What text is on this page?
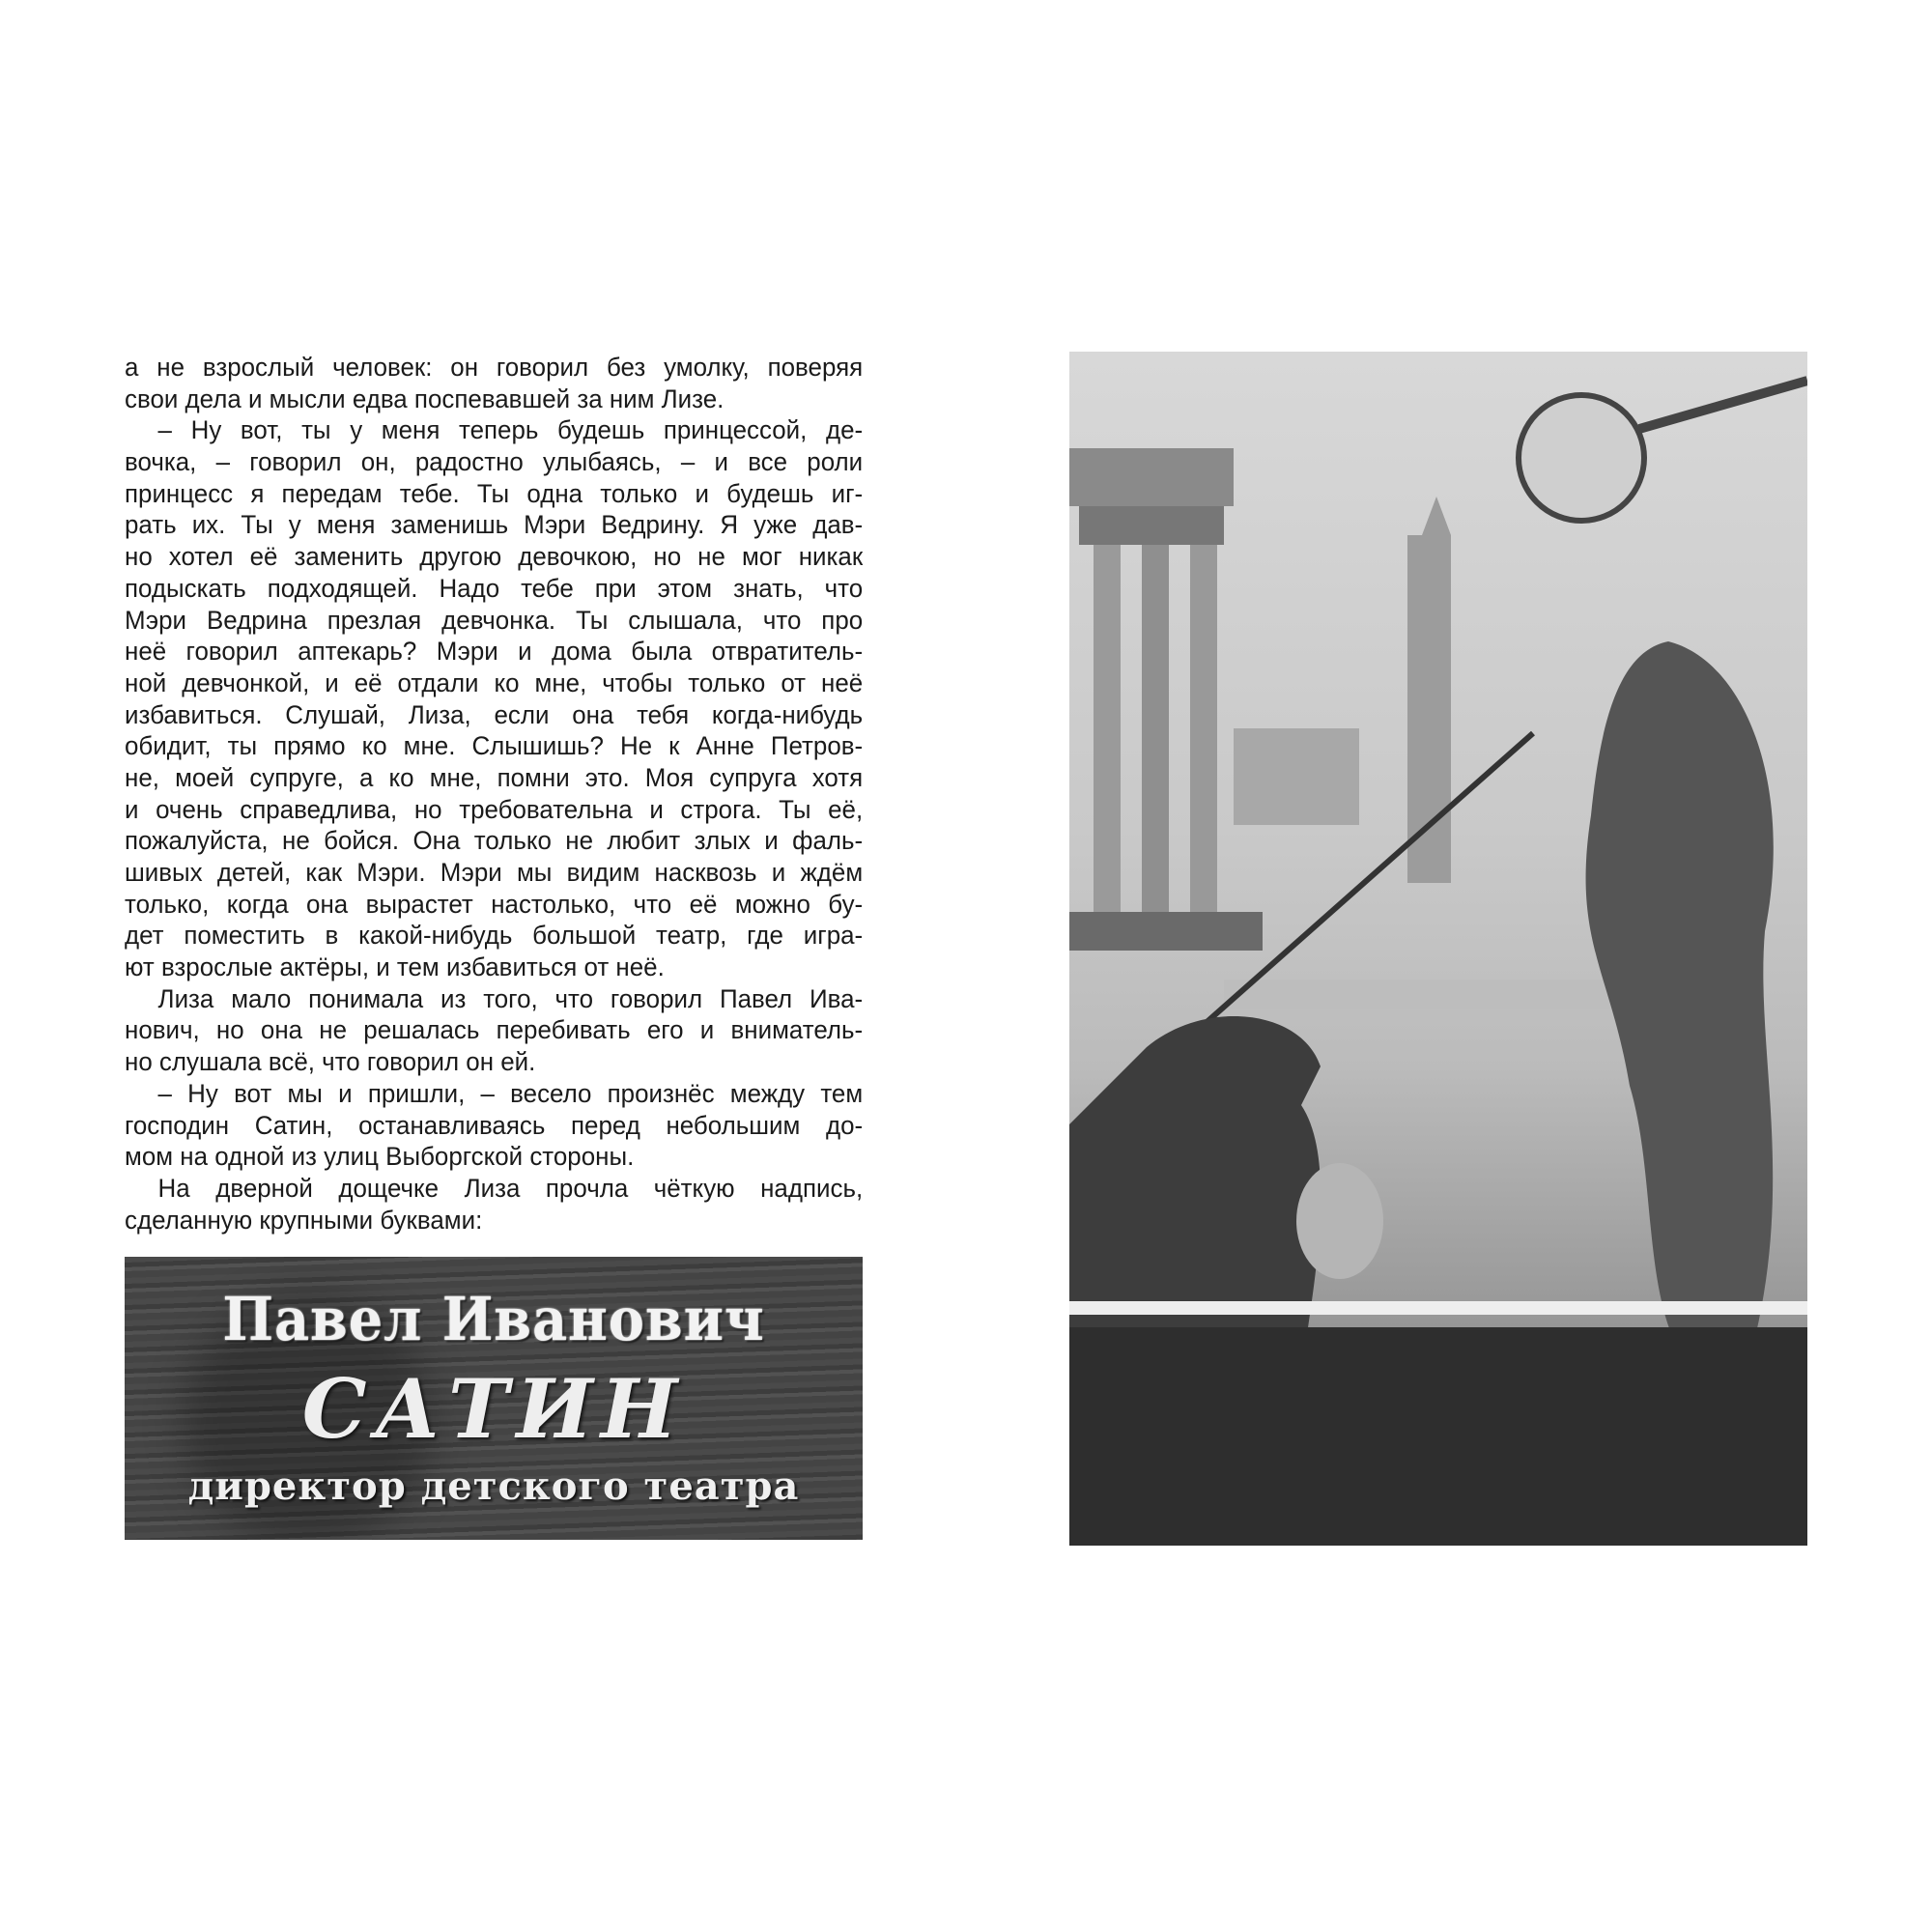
а не взрослый человек: он говорил без умолку, поверяя
свои дела и мысли едва поспевавшей за ним Лизе.
– Ну вот, ты у меня теперь будешь принцессой, де-
вочка, – говорил он, радостно улыбаясь, – и все роли
принцесс я передам тебе. Ты одна только и будешь иг-
рать их. Ты у меня заменишь Мэри Ведрину. Я уже дав-
но хотел её заменить другою девочкою, но не мог никак
подыскать подходящей. Надо тебе при этом знать, что
Мэри Ведрина презлая девчонка. Ты слышала, что про
неё говорил аптекарь? Мэри и дома была отвратитель-
ной девчонкой, и её отдали ко мне, чтобы только от неё
избавиться. Слушай, Лиза, если она тебя когда-нибудь
обидит, ты прямо ко мне. Слышишь? Не к Анне Петров-
не, моей супруге, а ко мне, помни это. Моя супруга хотя
и очень справедлива, но требовательна и строга. Ты её,
пожалуйста, не бойся. Она только не любит злых и фаль-
шивых детей, как Мэри. Мэри мы видим насквозь и ждём
только, когда она вырастет настолько, что её можно бу-
дет поместить в какой-нибудь большой театр, где игра-
ют взрослые актёры, и тем избавиться от неё.
Лиза мало понимала из того, что говорил Павел Ива-
нович, но она не решалась перебивать его и вниматель-
но слушала всё, что говорил он ей.
– Ну вот мы и пришли, – весело произнёс между тем
господин Сатин, останавливаясь перед небольшим до-
мом на одной из улиц Выборгской стороны.
На дверной дощечке Лиза прочла чёткую надпись,
сделанную крупными буквами:
Павел Иванович
САТИН
директор детского театра
